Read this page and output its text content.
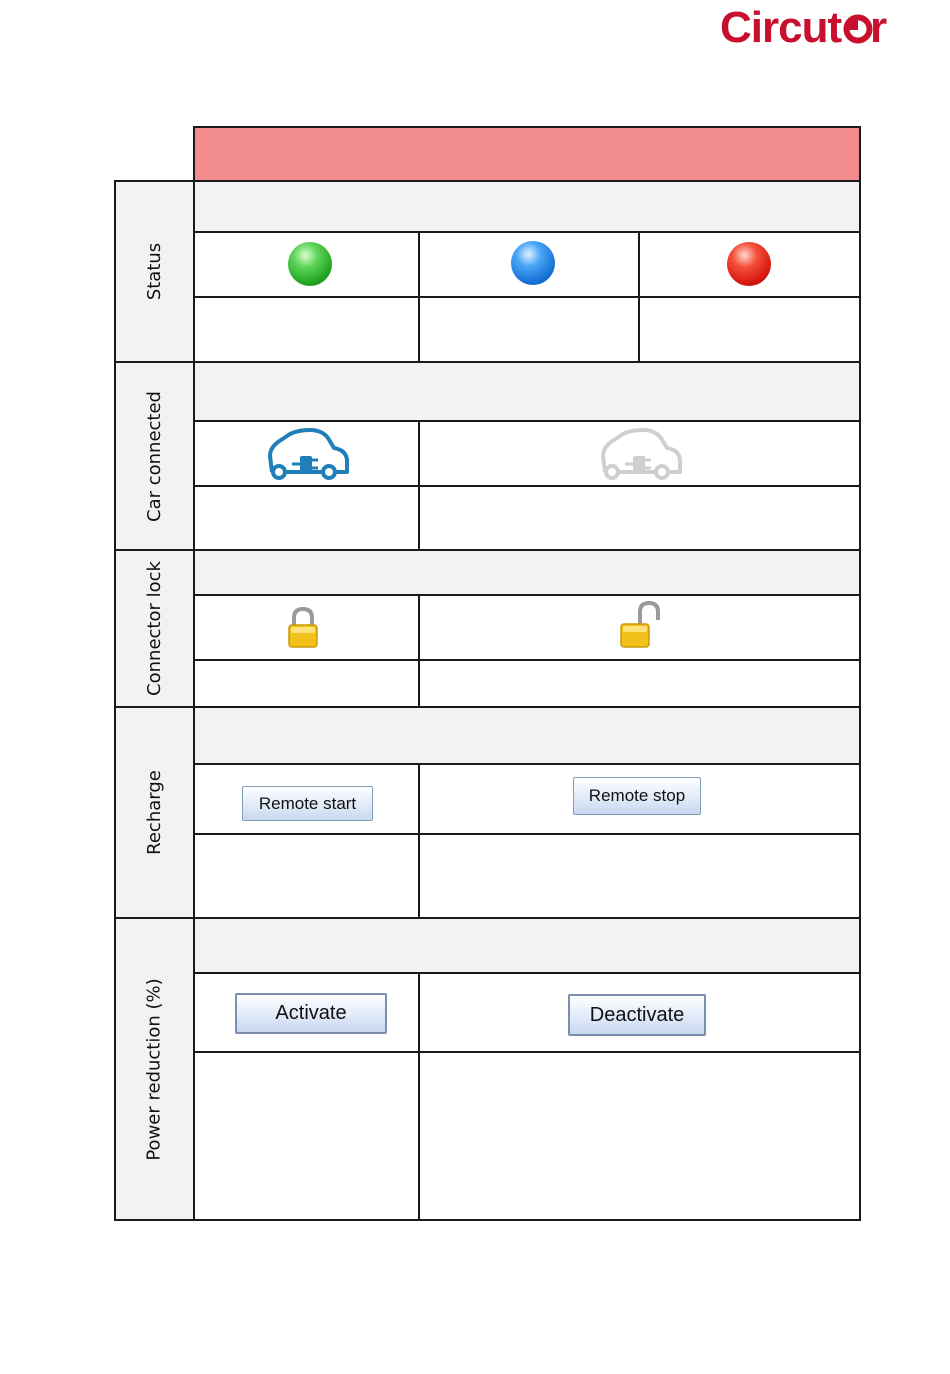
Circut r
Status
Car connected
Connector lock
Recharge
Power reduction (%)
Remote start	Remote stop
Activate	Deactivate
